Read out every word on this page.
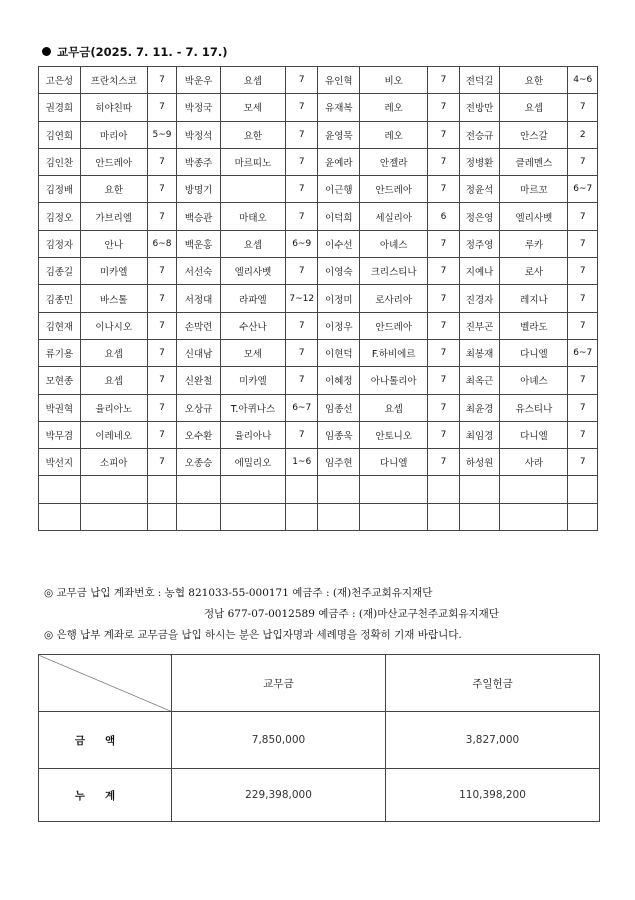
교무금(2025. 7. 11. - 7. 17.)
고은성	프란치스코	7	박운우	요셉	7	유인혁	비오	7	전덕길	요한	4~6
권경희	히야친따	7	박정국	모세	7	유재복	레오	7	전방만	요셉	7
김연희	마리아	5~9	박정석	요한	7	윤영묵	레오	7	전승규	안스갈	2
김인찬	안드레아	7	박종주	마르띠노	7	윤예라	안젤라	7	정병환	클레멘스	7
김정배	요한	7	방명기		7	이근행	안드레아	7	정윤석	마르꼬	6~7
김정오	가브리엘	7	백승관	마태오	7	이덕희	세실리아	6	정은영	엘리사벳	7
김정자	안나	6~8	백운홍	요셉	6~9	이수선	아녜스	7	정주영	루카	7
김종길	미카엘	7	서선숙	엘리사벳	7	이영숙	크리스티나	7	지예나	로사	7
김종민	바스톨	7	서정대	라파엘	7~12	이정미	로사리아	7	진경자	레지나	7
김현재	이나시오	7	손막련	수산나	7	이정우	안드레아	7	진부곤	벨라도	7
류기용	요셉	7	신대남	모세	7	이현덕	F.하비에르	7	최봉재	다니엘	6~7
모현종	요셉	7	신완철	미카엘	7	이혜정	아나톨리아	7	최옥근	아녜스	7
박권혁	율리아노	7	오상규	T.아퀴나스	6~7	임종선	요셉	7	최윤경	유스티나	7
박무겸	이레네오	7	오수환	율리아나	7	임종욱	안토니오	7	최임경	다니엘	7
박선지	소피아	7	오종승	에밀리오	1~6	임주현	다니엘	7	하성원	사라	7

◎ 교무금 납입 계좌번호 : 농협 821033-55-000171 예금주 : (재)천주교회유지재단
정남 677-07-0012589 예금주 : (재)마산교구천주교회유지재단
◎ 은행 납부 계좌로 교무금을 납입 하시는 분은 납입자명과 세례명을 정확히 기재 바랍니다.
	교무금	주일헌금
금액	7,850,000	3,827,000
누계	229,398,000	110,398,200
